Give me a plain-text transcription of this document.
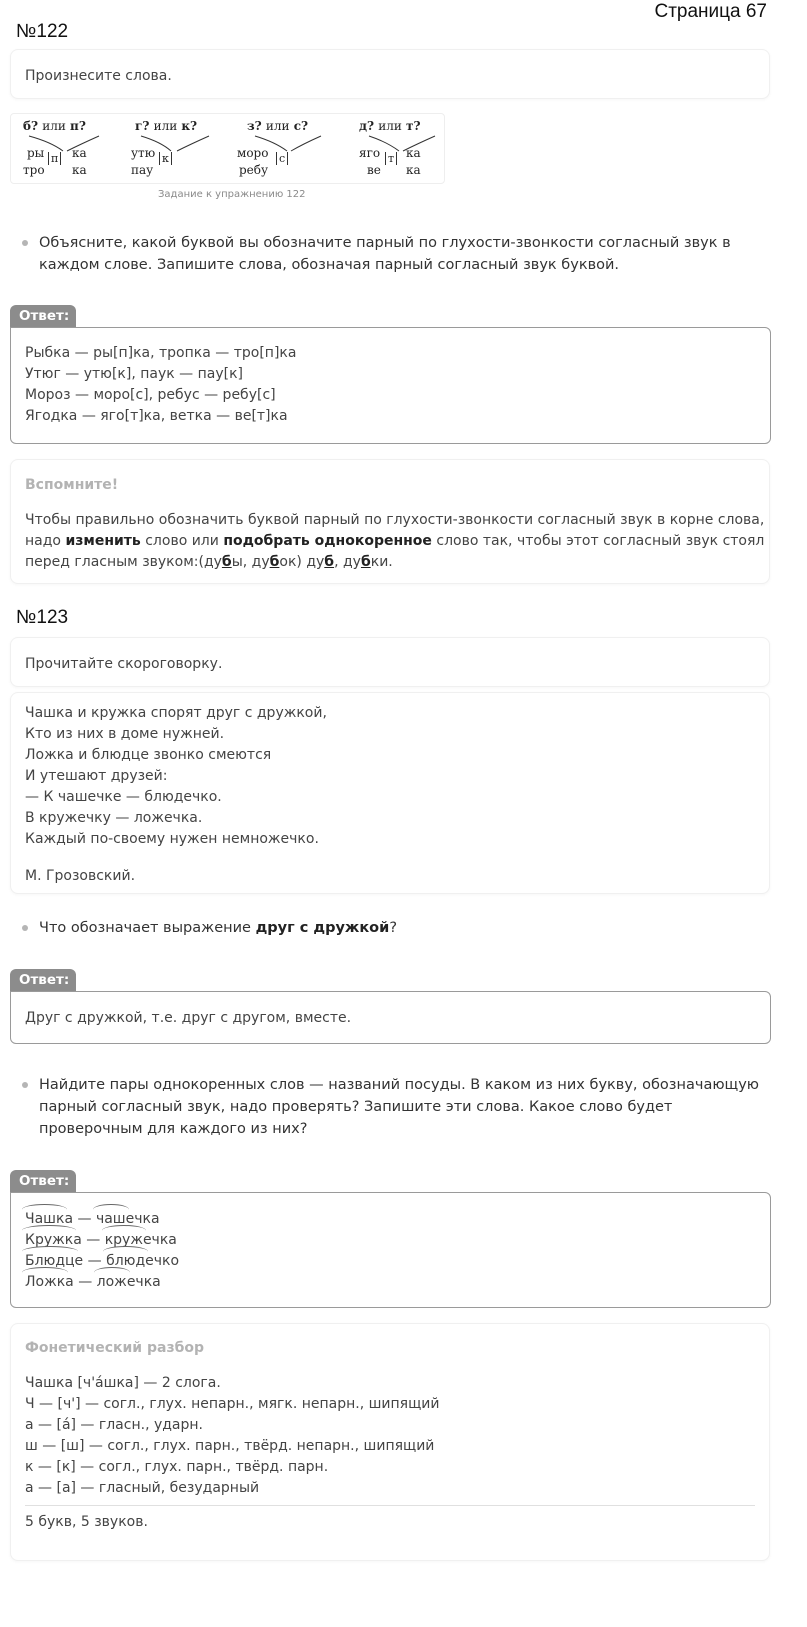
Страница 67
№122
Произнесите слова.
б? или п?
ры
тро
п ка
ка
г? или к?
утю
пау
к
з? или с?
моро
ребу
с
д? или т?
яго
ве
т ка
ка
Задание к упражнению 122
Объясните, какой буквой вы обозначите парный по глухости-звонкости согласный звук в каждом слове. Запишите слова, обозначая парный согласный звук буквой.
Ответ:
Рыбка — ры[п]ка, тропка — тро[п]ка
Утюг — утю[к], паук — пау[к]
Мороз — моро[с], ребус — ребу[с]
Ягодка — яго[т]ка, ветка — ве[т]ка
Вспомните!
Чтобы правильно обозначить буквой парный по глухости-звонкости согласный звук в корне слова,
надо изменить слово или подобрать однокоренное слово так, чтобы этот согласный звук стоял
перед гласным звуком:(дубы, дубок) дуб, дубки.
№123
Прочитайте скороговорку.
Чашка и кружка спорят друг с дружкой,
Кто из них в доме нужней.
Ложка и блюдце звонко смеются
И утешают друзей:
— К чашечке — блюдечко.
В кружечку — ложечка.
Каждый по-своему нужен немножечко.
М. Грозовский.
Что обозначает выражение друг с дружкой?
Ответ:
Друг с дружкой, т.е. друг с другом, вместе.
Найдите пары однокоренных слов — названий посуды. В каком из них букву, обозначающую парный согласный звук, надо проверять? Запишите эти слова. Какое слово будет проверочным для каждого из них?
Ответ:
Чашка — чашечка
Кружка — кружечка
Блюдце — блюдечко
Ложка — ложечка
Фонетический разбор
Чашка [ч'а́шка] — 2 слога.
Ч — [ч'] — согл., глух. непарн., мягк. непарн., шипящий
а — [а́] — гласн., ударн.
ш — [ш] — согл., глух. парн., твёрд. непарн., шипящий
к — [к] — согл., глух. парн., твёрд. парн.
а — [а] — гласный, безударный
5 букв, 5 звуков.
